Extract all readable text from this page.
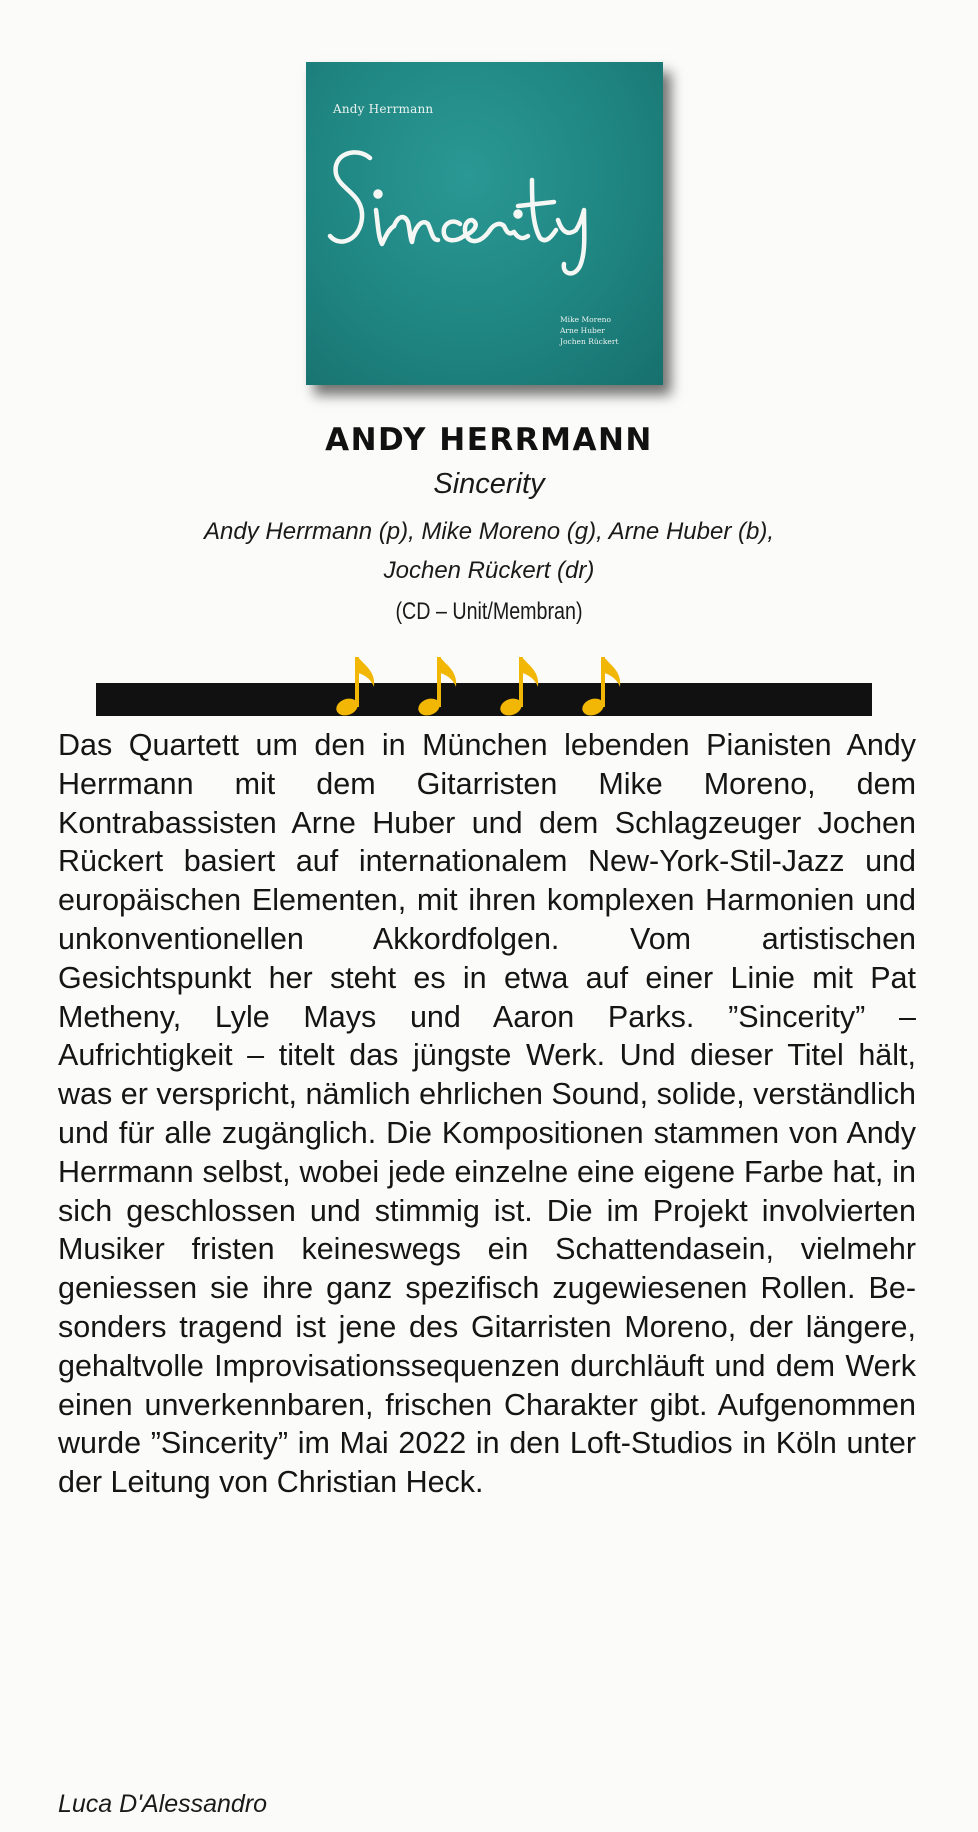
Andy Herrmann
Mike Moreno
Arne Huber
Jochen Rückert
ANDY HERRMANN
Sincerity
Andy Herrmann (p), Mike Moreno (g), Arne Huber (b),
Jochen Rückert (dr)
(CD – Unit/Membran)
Das Quartett um den in München lebenden Pianisten Andy Herrmann mit dem Gitarristen Mike Moreno, dem Kontrabassisten Arne Huber und dem Schlagzeuger Jochen Rückert basiert auf internationalem New-York-Stil-Jazz und europäischen Elementen, mit ihren komplexen Harmonien und unkonventionellen Akkordfolgen. Vom artistischen Gesichtspunkt her steht es in etwa auf einer Linie mit Pat Metheny, Lyle Mays und Aaron Parks. ”Sincerity” – Aufrichtigkeit – titelt das jüngste Werk. Und dieser Titel hält, was er verspricht, nämlich ehrlichen Sound, solide, verständlich und für alle zugänglich. Die Kompositionen stammen von Andy Herrmann selbst, wobei jede einzelne eine eigene Farbe hat, in sich geschlossen und stimmig ist. Die im Projekt involvierten Musiker fristen keineswegs ein Schattendasein, vielmehr geniessen sie ihre ganz spezifisch zugewiesenen Rollen. Besonders tragend ist jene des Gitarristen Moreno, der längere, gehaltvolle Improvisationssequenzen durchläuft und dem Werk einen unverkennbaren, frischen Charakter gibt. Aufgenommen wurde ”Sincerity” im Mai 2022 in den Loft-Studios in Köln unter der Leitung von Christian Heck.
Luca D'Alessandro
